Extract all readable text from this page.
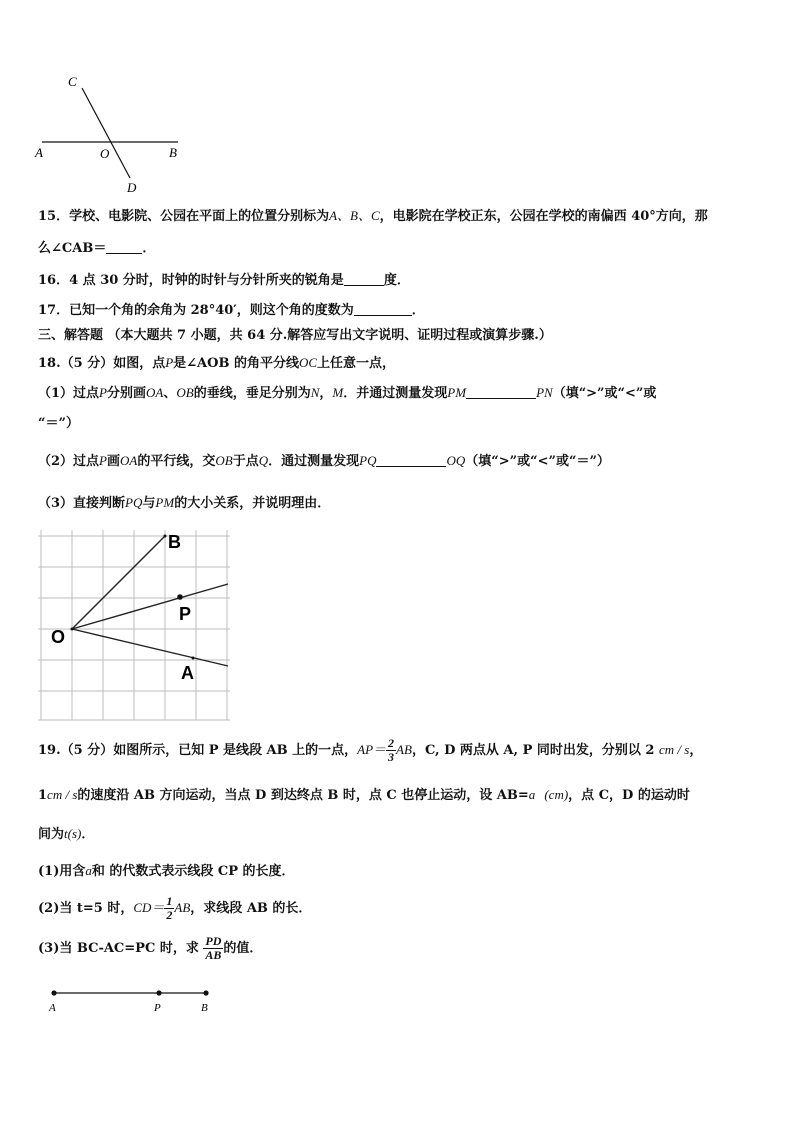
C
A	O	B
D
15．学校、电影院、公园在平面上的位置分别标为A、B、C，电影院在学校正东，公园在学校的南偏西 40°方向，那
么∠CAB＝	．
16．4 点 30 分时，时钟的时针与分针所夹的锐角是	度．
17．已知一个角的余角为 28°40′，则这个角的度数为	．
三、解答题 （本大题共 7 小题，共 64 分.解答应写出文字说明、证明过程或演算步骤.）
18.（5 分）如图，点P是∠AOB 的角平分线OC上任意一点，
（1）过点P分别画OA、OB的垂线，垂足分别为N，M．并通过测量发现PM	PN（填“>”或“<”或
“＝”）
（2）过点P画OA的平行线，交OB于点Q．通过测量发现PQ	OQ（填“>”或“<”或“＝”）
（3）直接判断PQ与PM的大小关系，并说明理由．
B
P
O
A
19.（5 分）如图所示，已知 P 是线段 AB 上的一点，$AP= \frac{2}{3}$ AB，C, D 两点从 A, P 同时出发，分别以 2 cm / s，
1cm / s的速度沿 AB 方向运动，当点 D 到达终点 B 时，点 C 也停止运动，设 AB=a (cm)，点 C，D 的运动时
间为t(s)．
(1)用含a和 的代数式表示线段 CP 的长度．
(2)当 t=5 时，$CD= \frac{1}{2}$ AB，求线段 AB 的长．
(3)当 BC-AC=PC 时，求 $\frac{PD}{AB}$ 的值．
A	P	B
